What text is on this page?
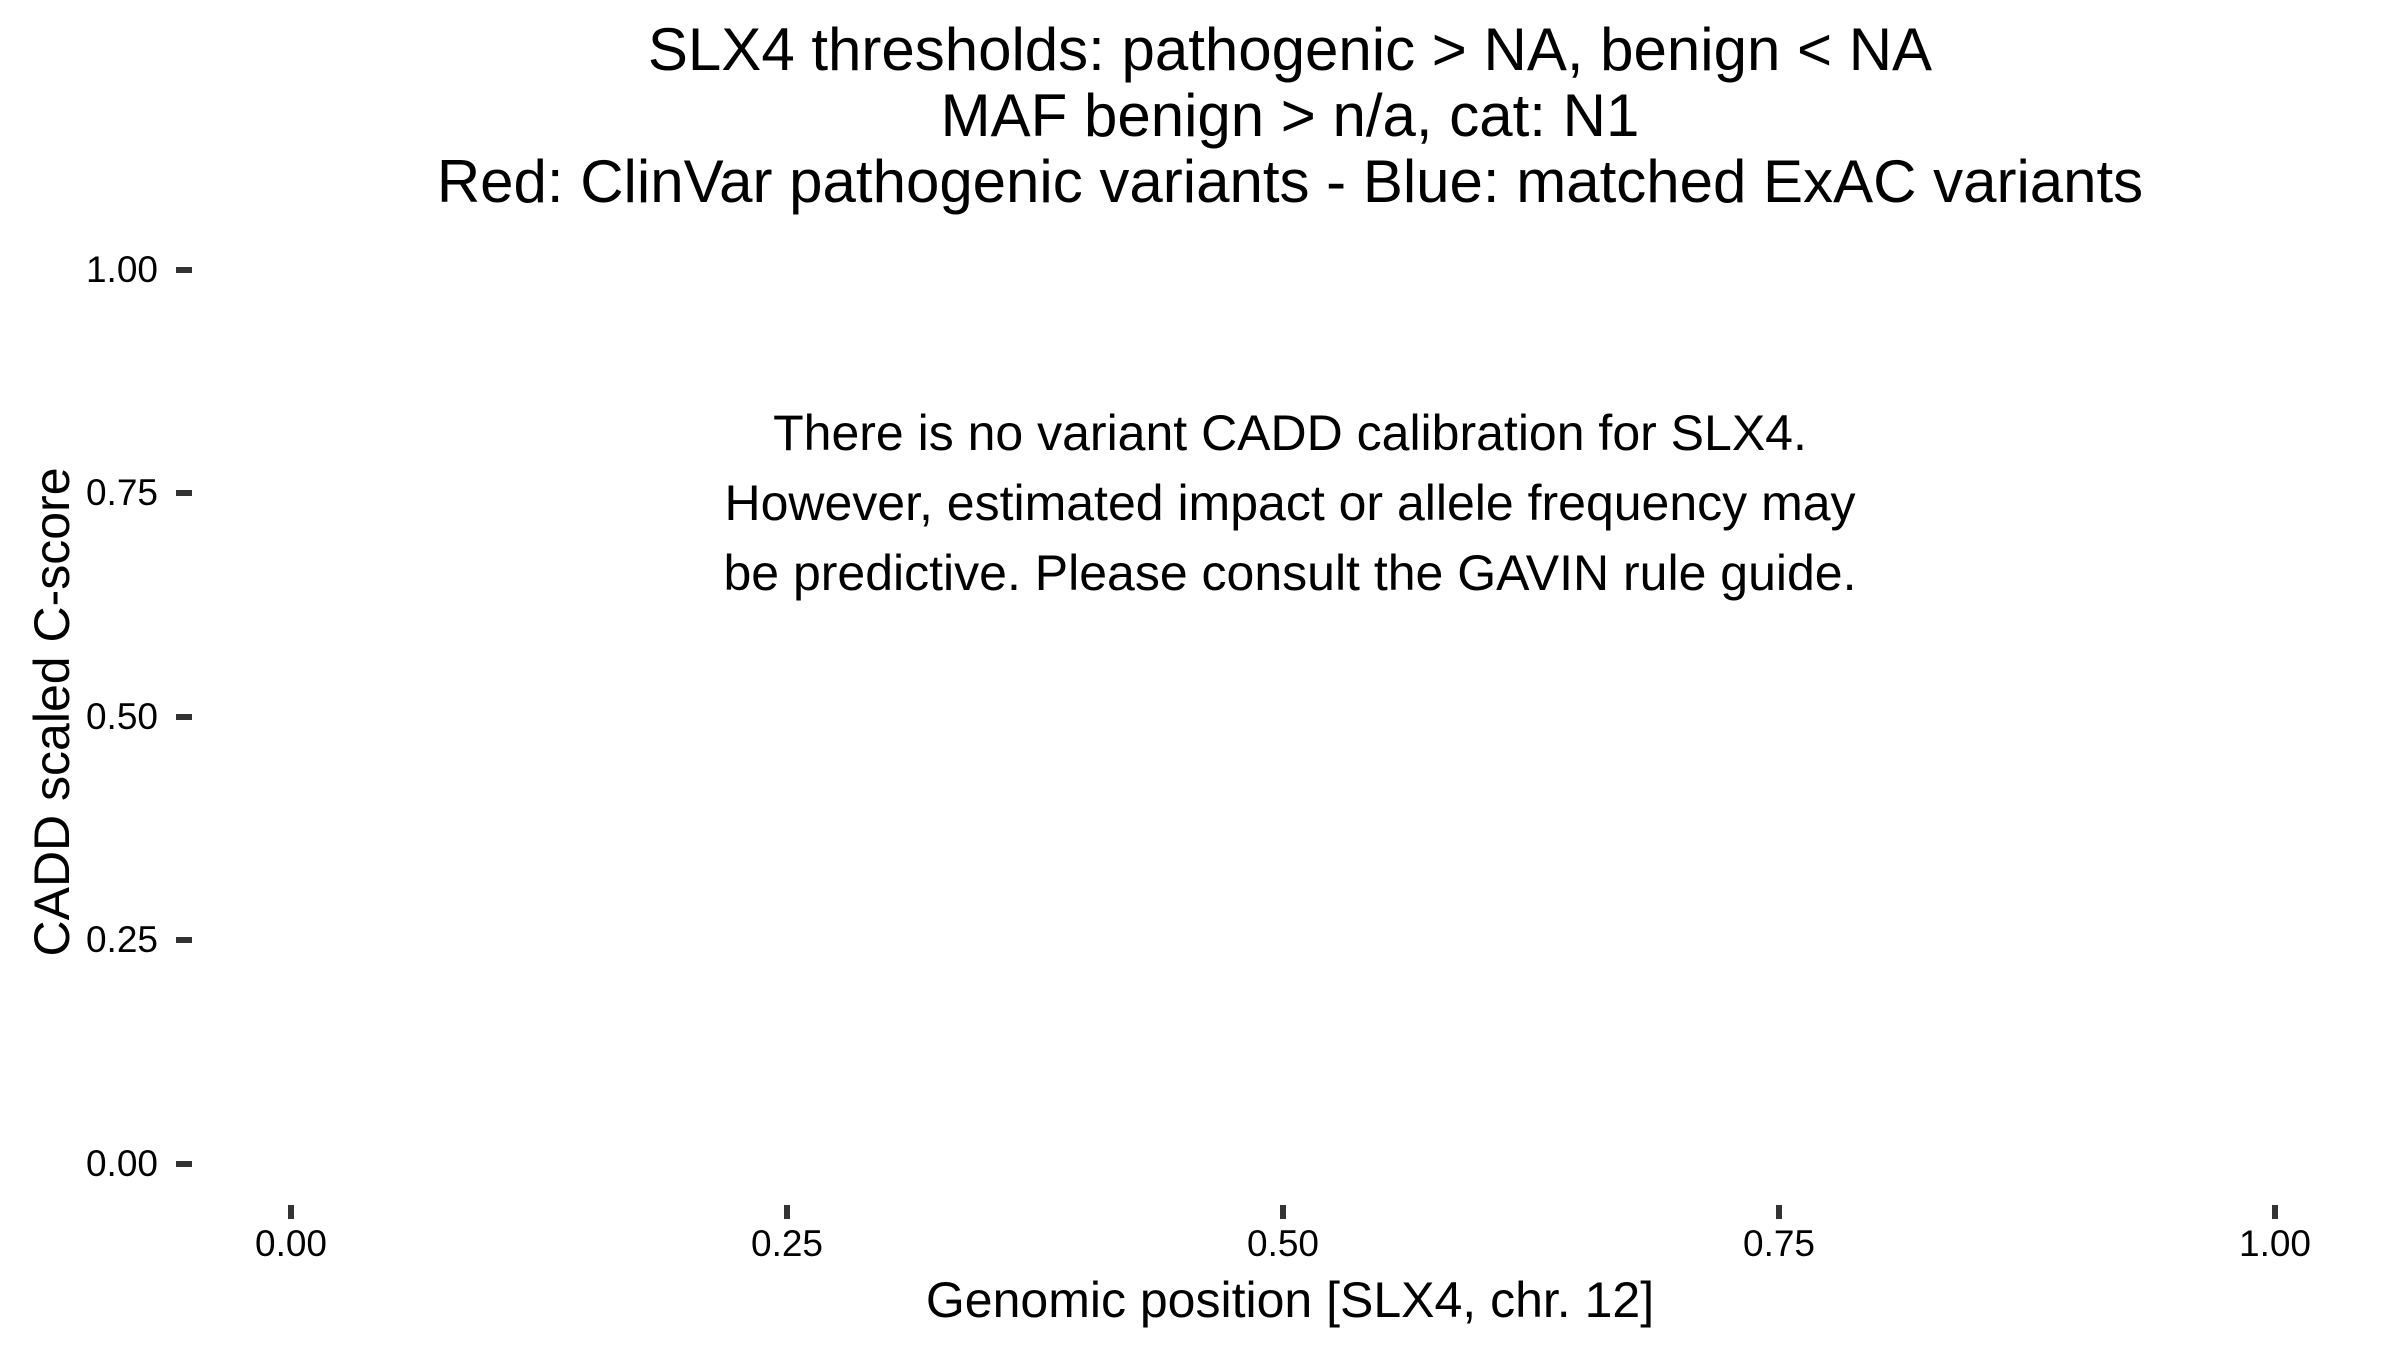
SLX4 thresholds: pathogenic > NA, benign < NA
MAF benign > n/a, cat: N1
Red: ClinVar pathogenic variants - Blue: matched ExAC variants
There is no variant CADD calibration for SLX4.
However, estimated impact or allele frequency may
be predictive. Please consult the GAVIN rule guide.
CADD scaled C-score
1.00
0.75
0.50
0.25
0.00
0.00	0.25	0.50	0.75	1.00
Genomic position [SLX4, chr. 12]
